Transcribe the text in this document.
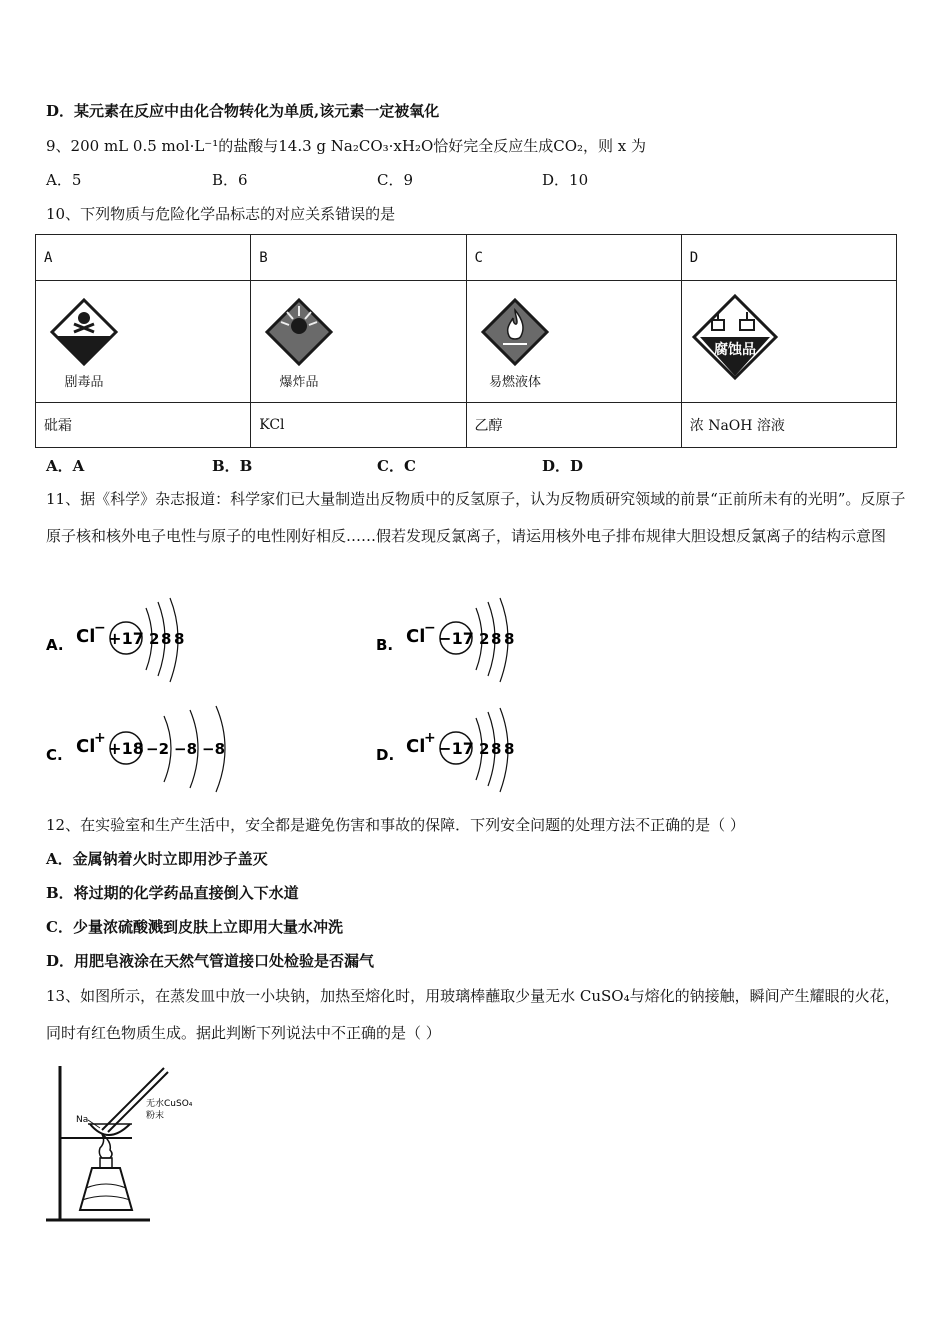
D．某元素在反应中由化合物转化为单质,该元素一定被氧化
9、200 mL 0.5 mol·L⁻¹的盐酸与14.3 g Na₂CO₃·xH₂O恰好完全反应生成CO₂，则 x 为
A．5	B．6	C．9	D．10
10、下列物质与危险化学品标志的对应关系错误的是
A	B	C	D

剧毒品	爆炸品	易燃液体	腐蚀品

砒霜	KCl	乙醇	浓 NaOH 溶液
A．A	B．B	C．C	D．D
11、据《科学》杂志报道：科学家们已大量制造出反物质中的反氢原子，认为反物质研究领域的前景“正前所未有的光明”。反原子原子核和核外电子电性与原子的电性刚好相反……假若发现反氯离子，请运用核外电子排布规律大胆设想反氯离子的结构示意图
A. Cl
−
+17 2 8 8	B. Cl
−
−17 2 8 8
C. Cl
+
+18 −2 −8 −8	D. Cl
+
−17 2 8 8
12、在实验室和生产生活中，安全都是避免伤害和事故的保障．下列安全问题的处理方法不正确的是（ ）
A．金属钠着火时立即用沙子盖灭
B．将过期的化学药品直接倒入下水道
C．少量浓硫酸溅到皮肤上立即用大量水冲洗
D．用肥皂液涂在天然气管道接口处检验是否漏气
13、如图所示，在蒸发皿中放一小块钠，加热至熔化时，用玻璃棒蘸取少量无水 CuSO₄与熔化的钠接触，瞬间产生耀眼的火花，同时有红色物质生成。据此判断下列说法中不正确的是（ ）
Na
无水CuSO₄
粉末
